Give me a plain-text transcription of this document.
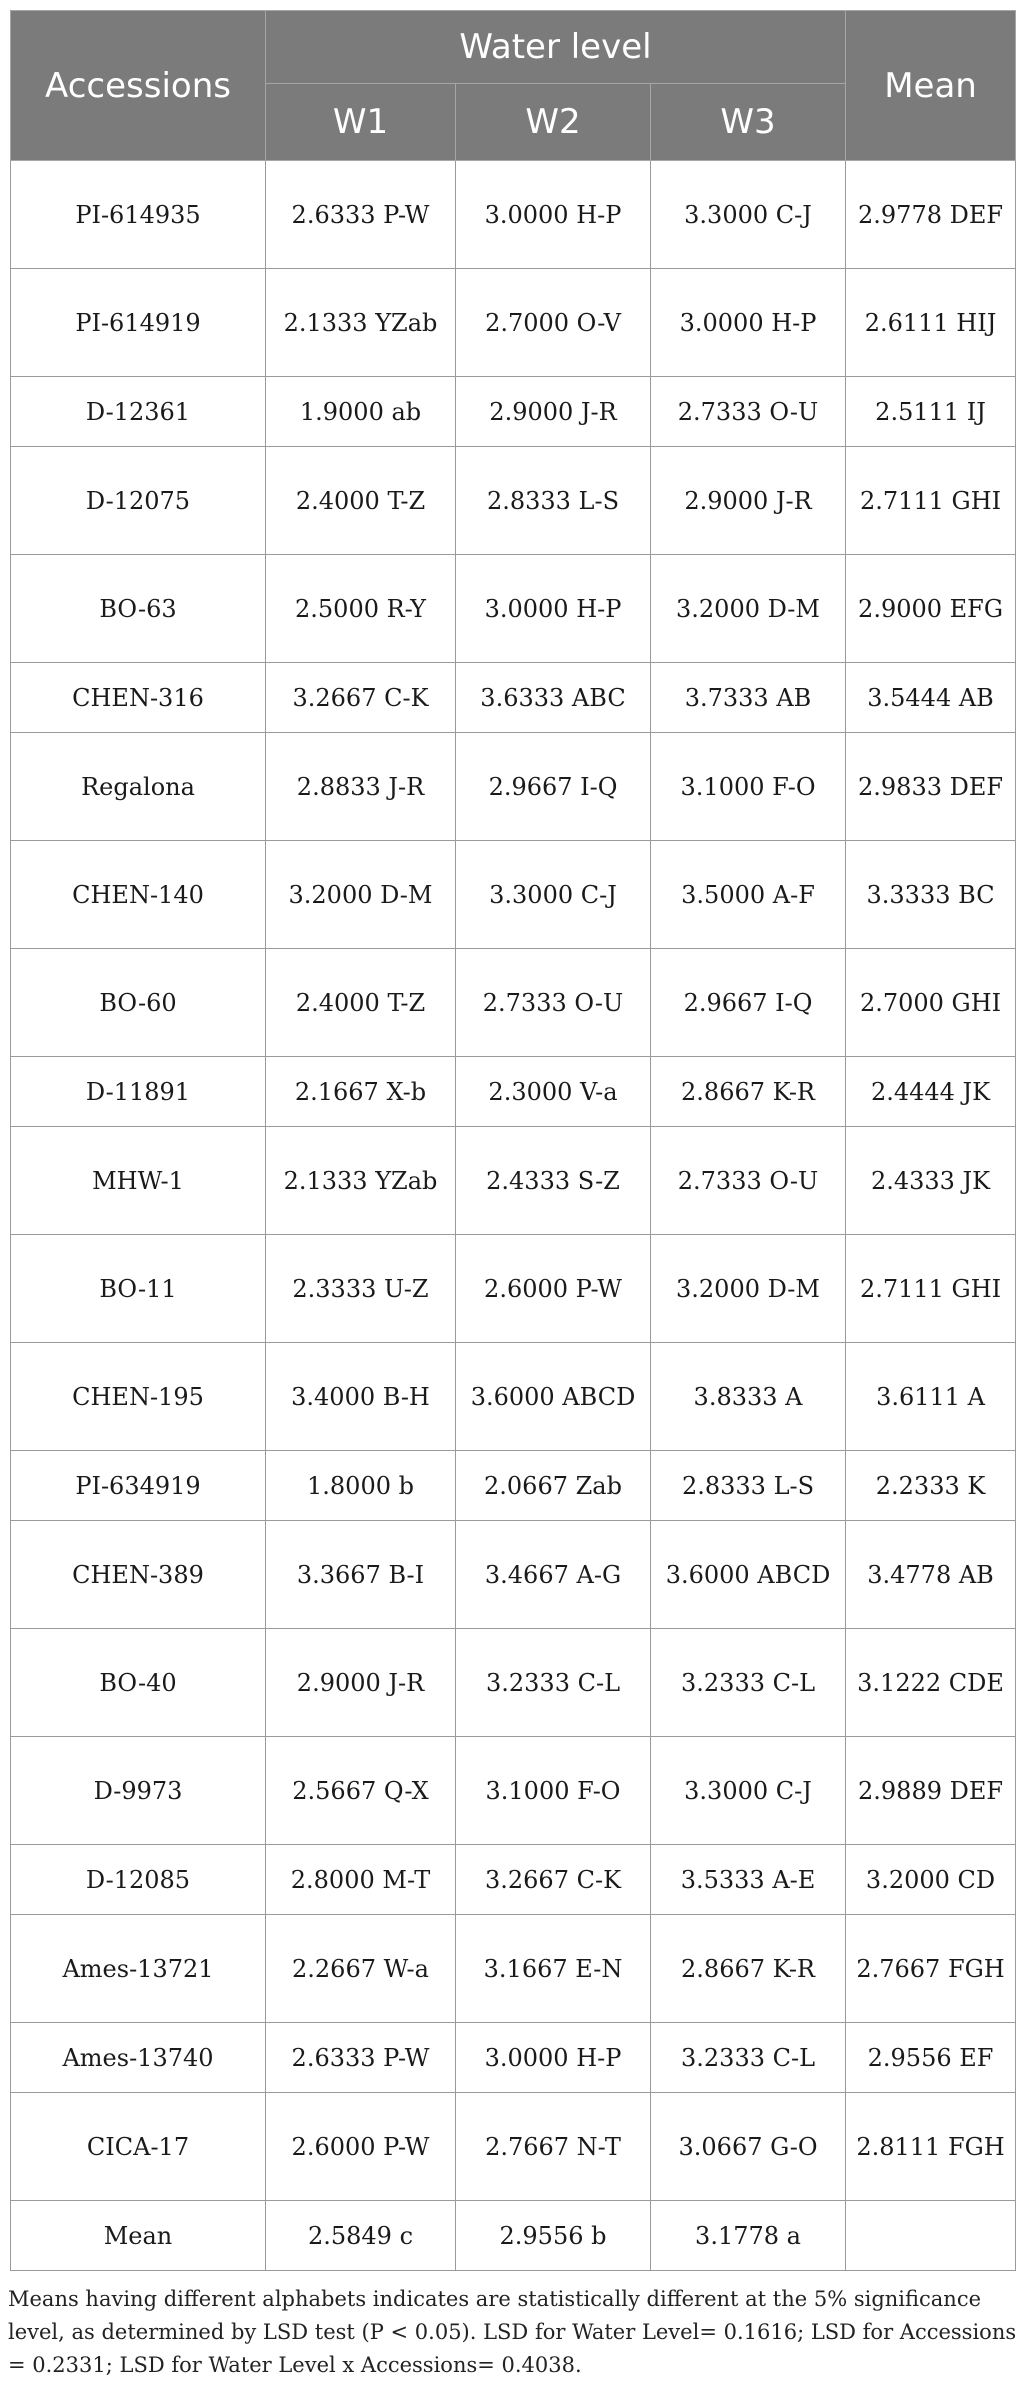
Accessions	Water level			Mean
	W1	W2	W3	
PI-614935	2.6333 P-W	3.0000 H-P	3.3000 C-J	2.9778 DEF
PI-614919	2.1333 YZab	2.7000 O-V	3.0000 H-P	2.6111 HIJ
D-12361	1.9000 ab	2.9000 J-R	2.7333 O-U	2.5111 IJ
D-12075	2.4000 T-Z	2.8333 L-S	2.9000 J-R	2.7111 GHI
BO-63	2.5000 R-Y	3.0000 H-P	3.2000 D-M	2.9000 EFG
CHEN-316	3.2667 C-K	3.6333 ABC	3.7333 AB	3.5444 AB
Regalona	2.8833 J-R	2.9667 I-Q	3.1000 F-O	2.9833 DEF
CHEN-140	3.2000 D-M	3.3000 C-J	3.5000 A-F	3.3333 BC
BO-60	2.4000 T-Z	2.7333 O-U	2.9667 I-Q	2.7000 GHI
D-11891	2.1667 X-b	2.3000 V-a	2.8667 K-R	2.4444 JK
MHW-1	2.1333 YZab	2.4333 S-Z	2.7333 O-U	2.4333 JK
BO-11	2.3333 U-Z	2.6000 P-W	3.2000 D-M	2.7111 GHI
CHEN-195	3.4000 B-H	3.6000 ABCD	3.8333 A	3.6111 A
PI-634919	1.8000 b	2.0667 Zab	2.8333 L-S	2.2333 K
CHEN-389	3.3667 B-I	3.4667 A-G	3.6000 ABCD	3.4778 AB
BO-40	2.9000 J-R	3.2333 C-L	3.2333 C-L	3.1222 CDE
D-9973	2.5667 Q-X	3.1000 F-O	3.3000 C-J	2.9889 DEF
D-12085	2.8000 M-T	3.2667 C-K	3.5333 A-E	3.2000 CD
Ames-13721	2.2667 W-a	3.1667 E-N	2.8667 K-R	2.7667 FGH
Ames-13740	2.6333 P-W	3.0000 H-P	3.2333 C-L	2.9556 EF
CICA-17	2.6000 P-W	2.7667 N-T	3.0667 G-O	2.8111 FGH
Mean	2.5849 c	2.9556 b	3.1778 a	
Means having different alphabets indicates are statistically different at the 5% significance level, as determined by LSD test (P < 0.05). LSD for Water Level= 0.1616; LSD for Accessions = 0.2331; LSD for Water Level x Accessions= 0.4038.
